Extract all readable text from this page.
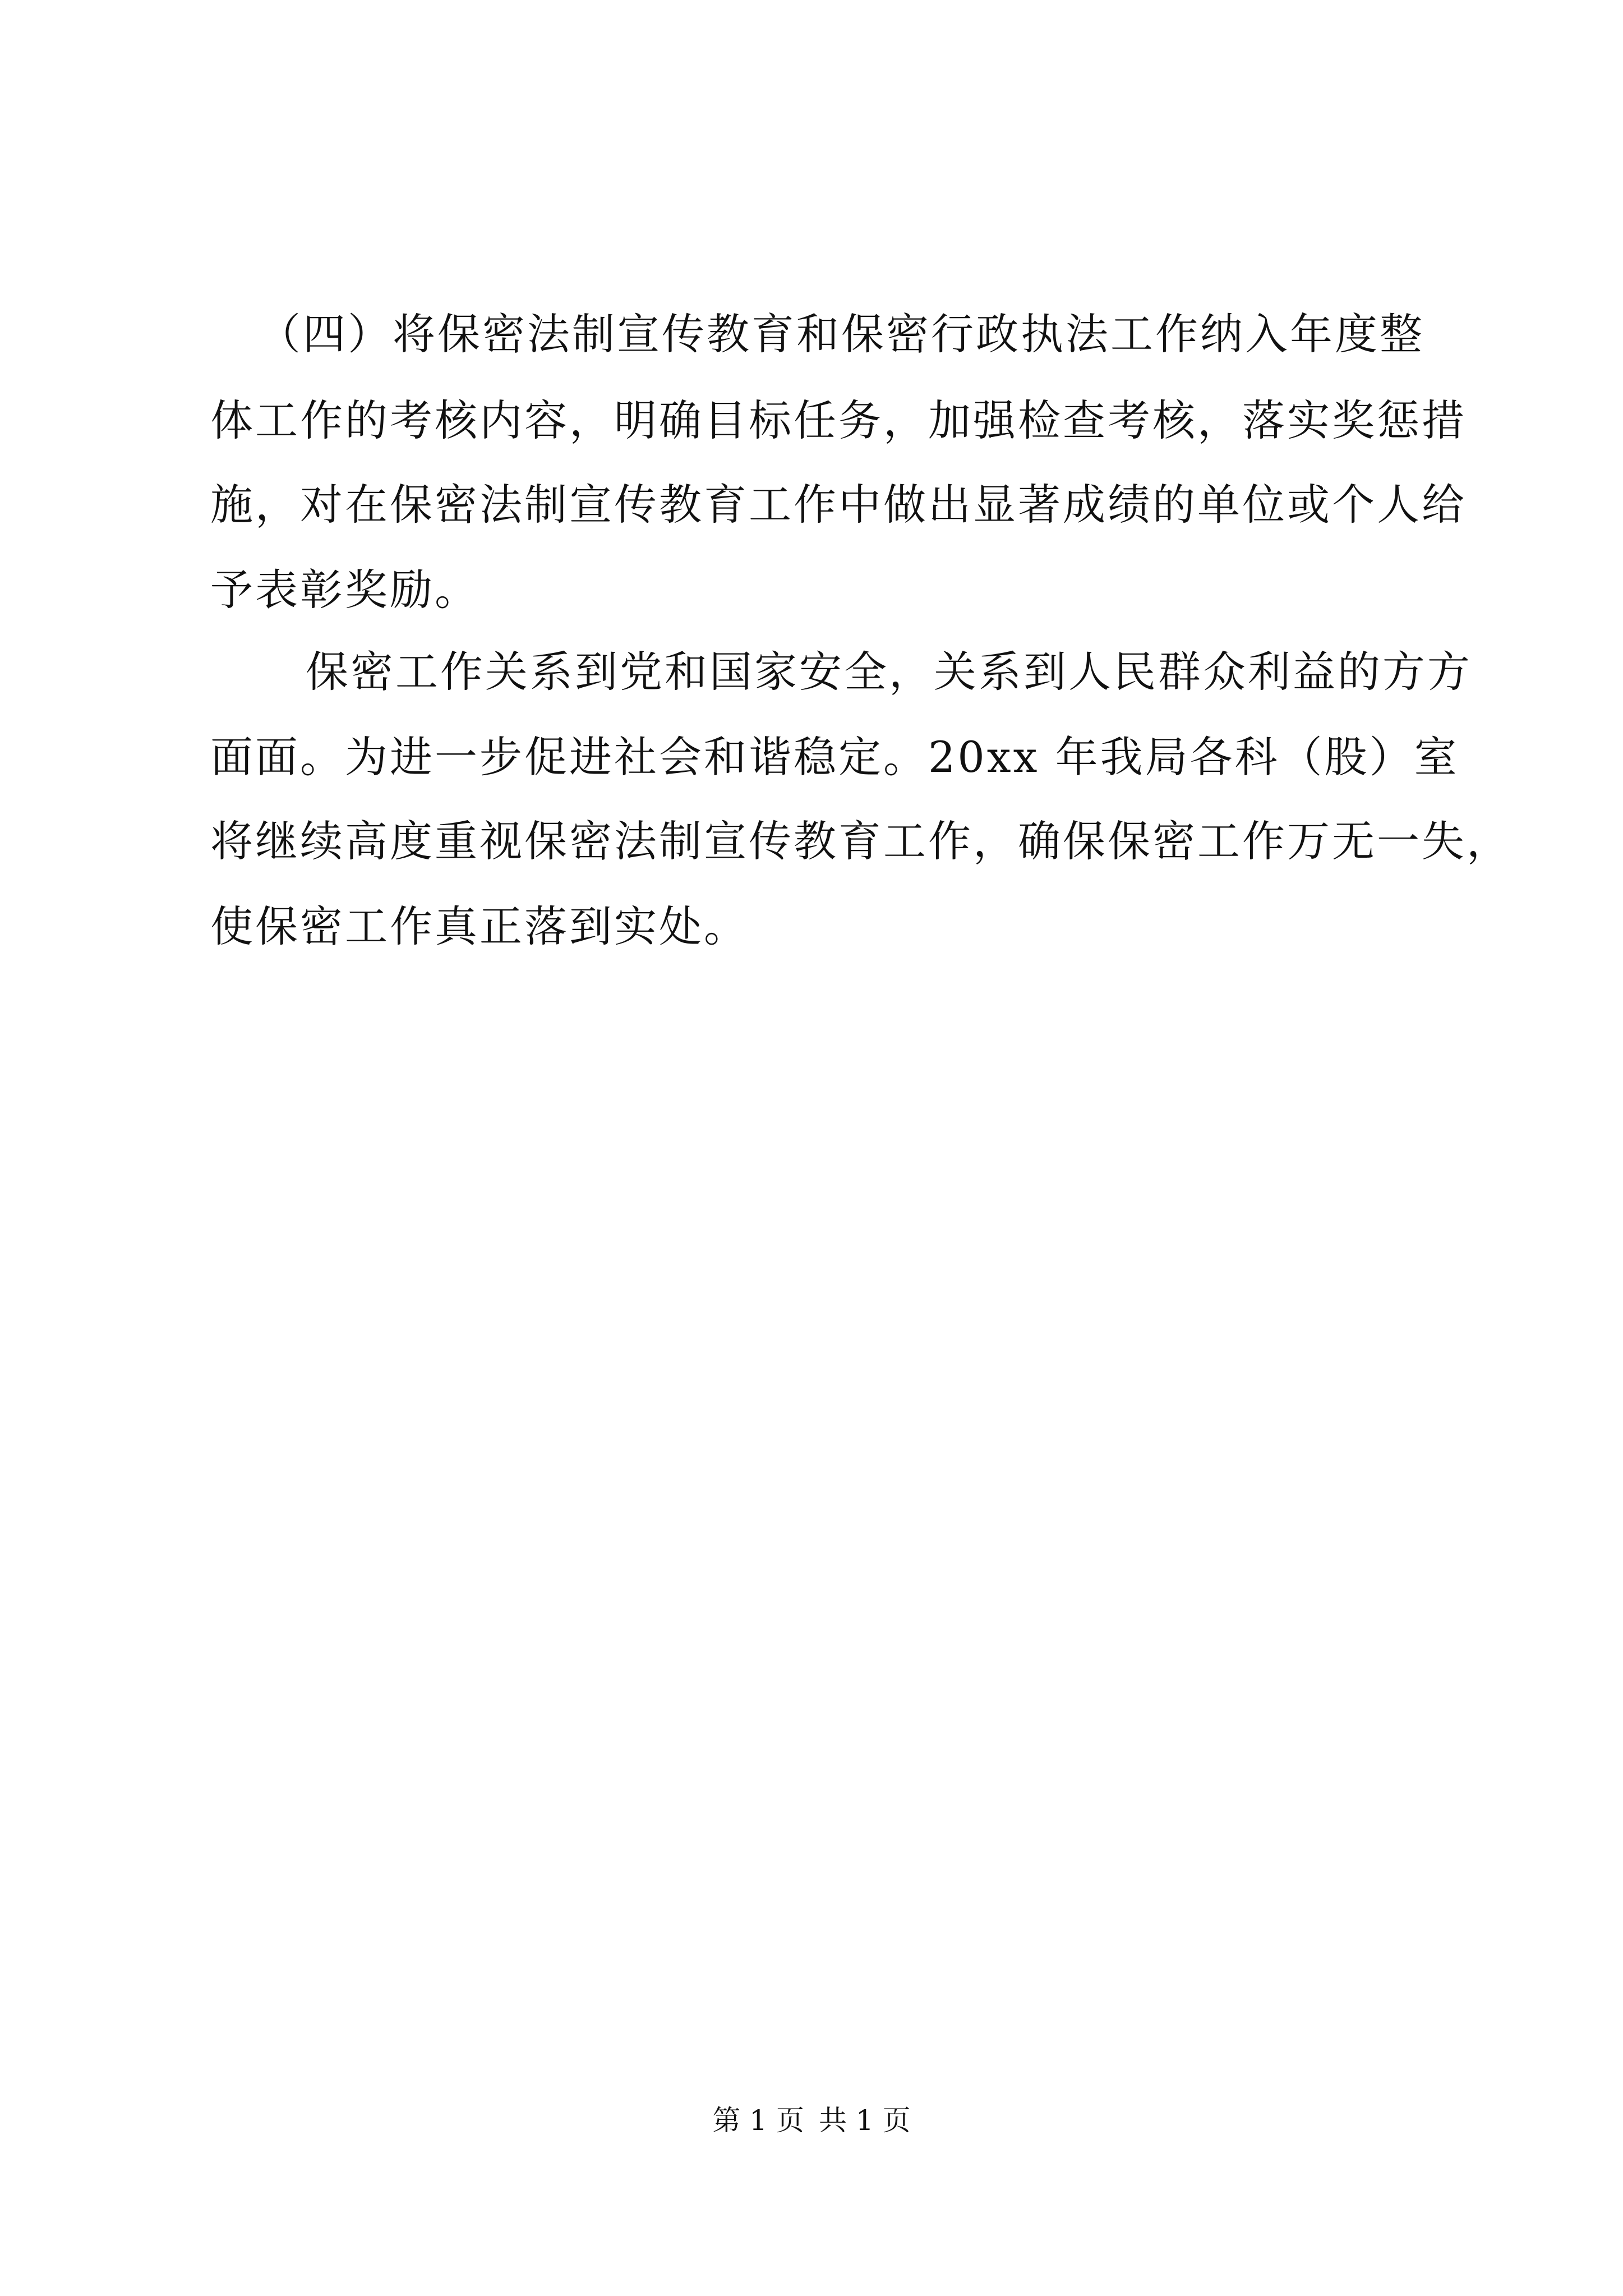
（四）将保密法制宣传教育和保密行政执法工作纳入年度整
体工作的考核内容，明确目标任务，加强检查考核，落实奖惩措
施，对在保密法制宣传教育工作中做出显著成绩的单位或个人给
予表彰奖励。
保密工作关系到党和国家安全，关系到人民群众利益的方方
面面。为进一步促进社会和谐稳定。20xx 年我局各科（股）室
将继续高度重视保密法制宣传教育工作，确保保密工作万无一失，
使保密工作真正落到实处。
第 1 页 共 1 页
